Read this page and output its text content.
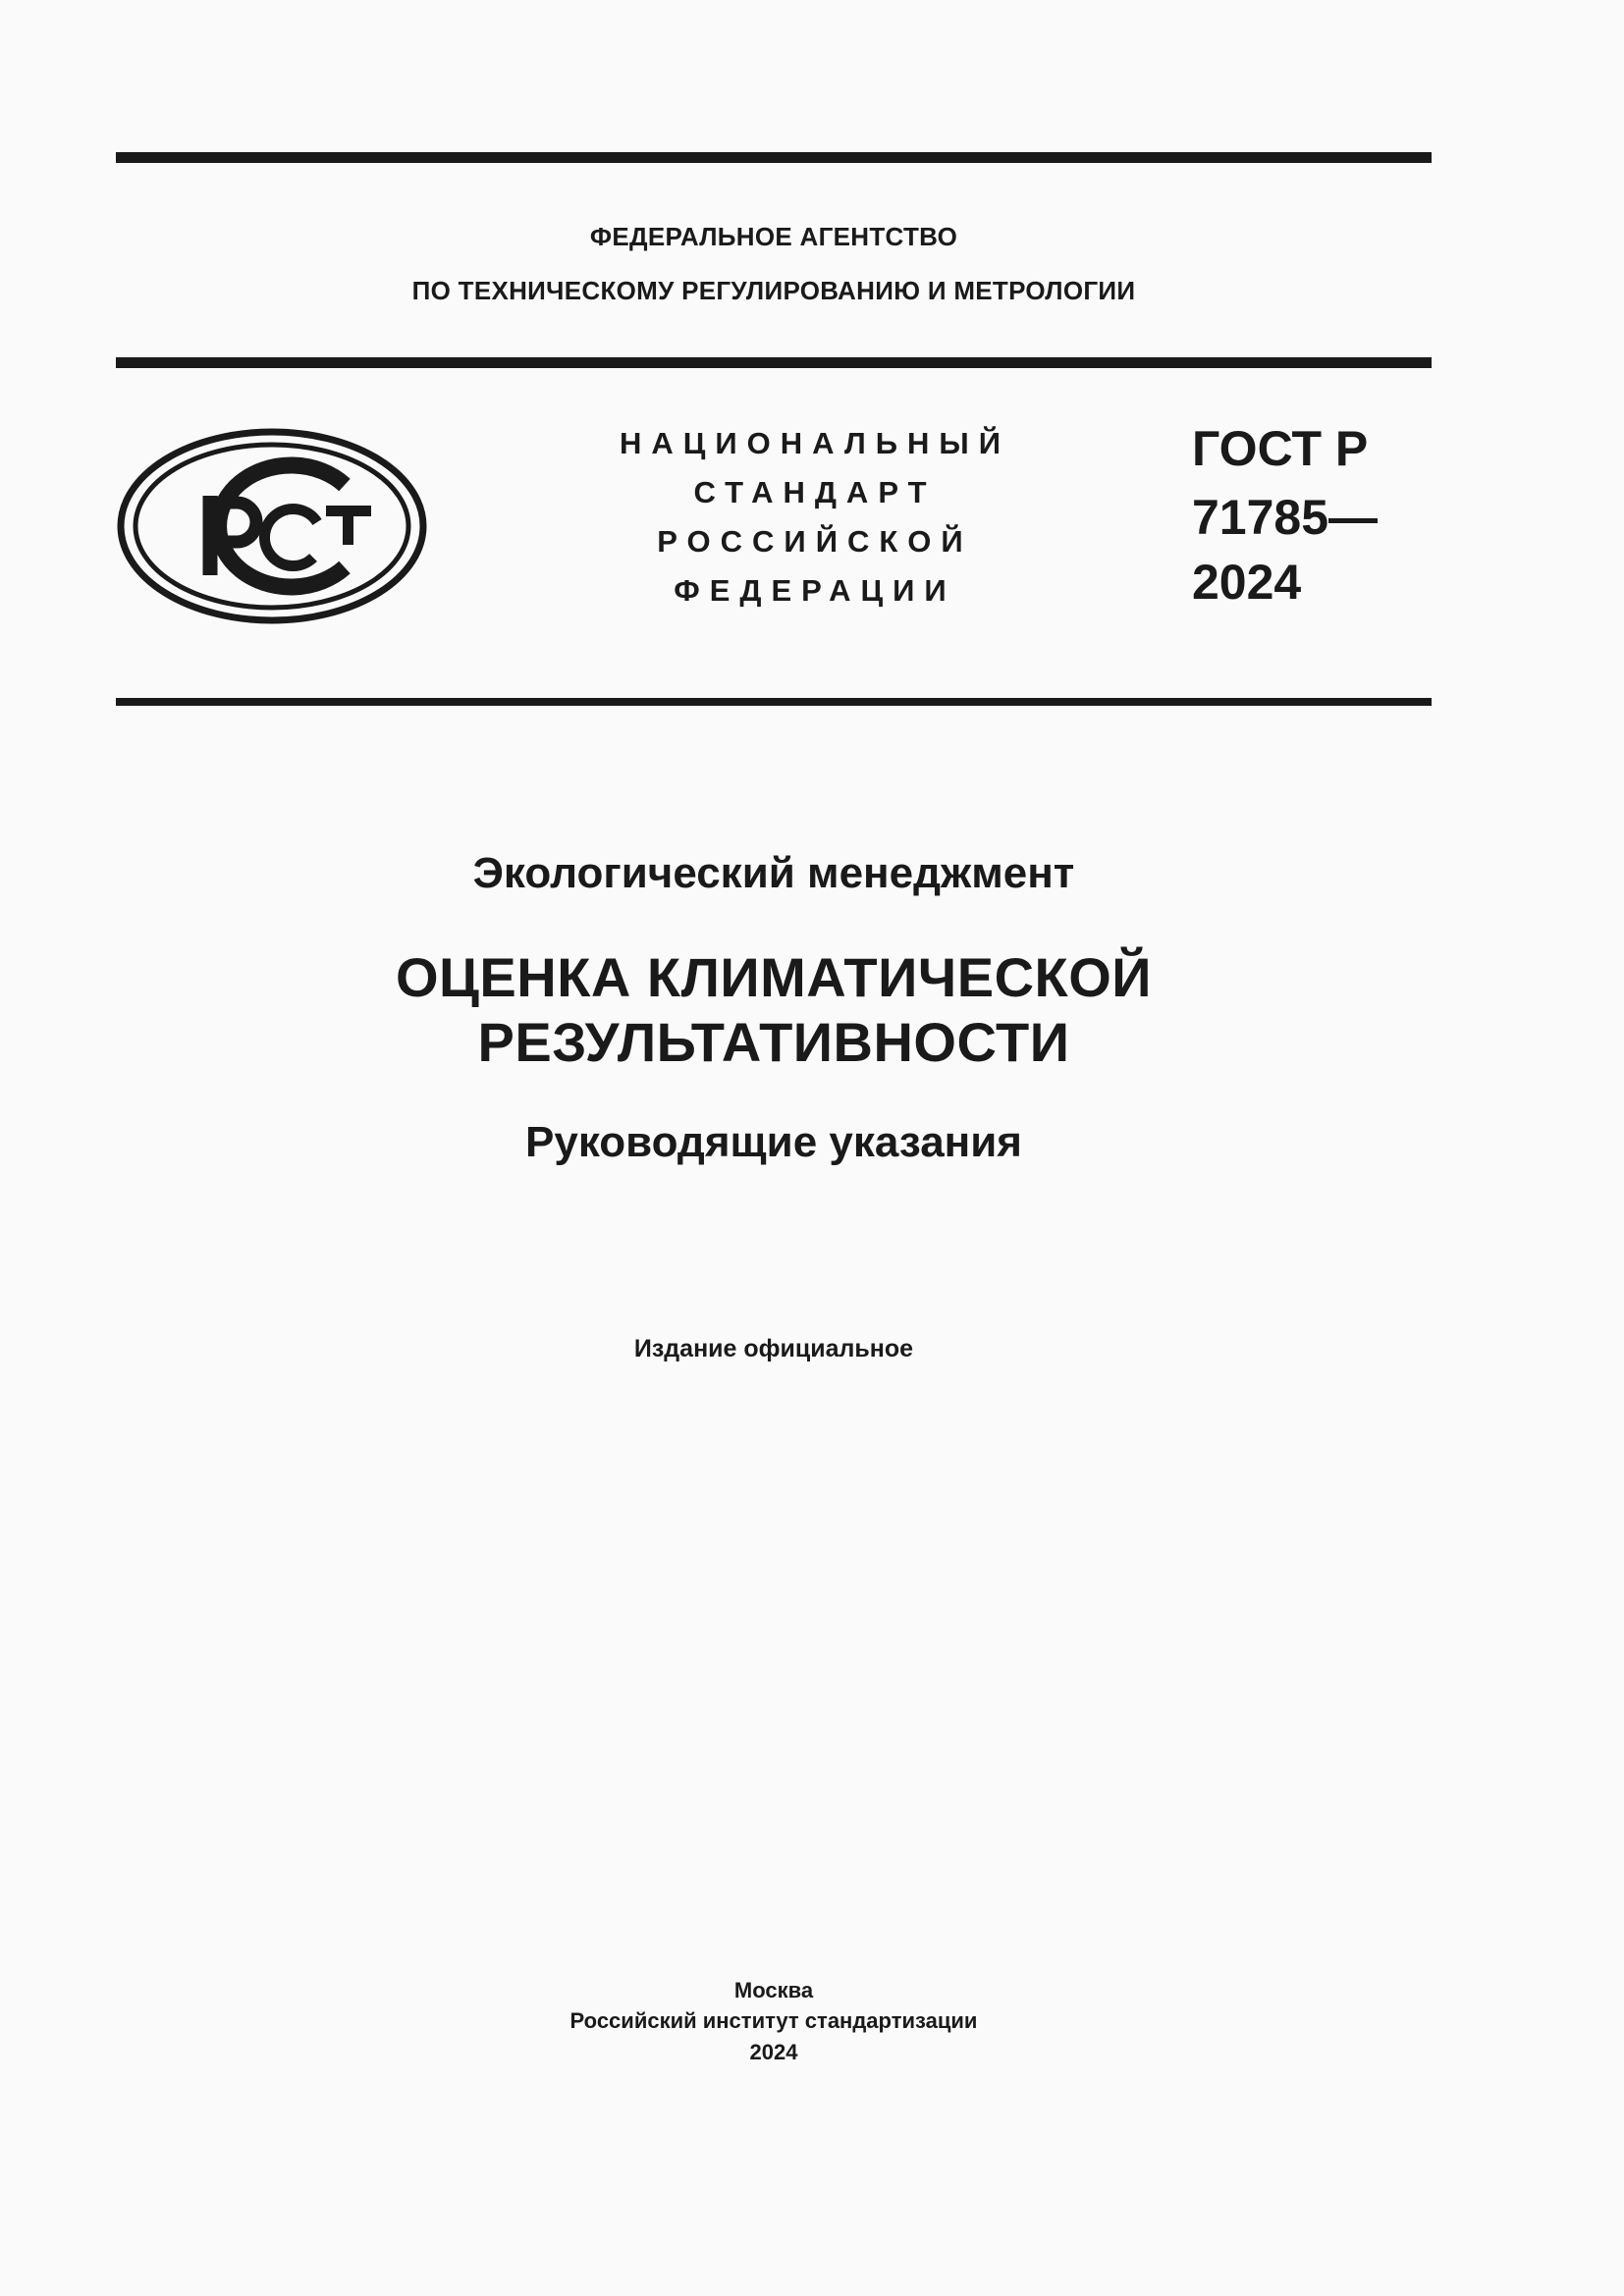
ФЕДЕРАЛЬНОЕ АГЕНТСТВО
ПО ТЕХНИЧЕСКОМУ РЕГУЛИРОВАНИЮ И МЕТРОЛОГИИ
НАЦИОНАЛЬНЫЙ
СТАНДАРТ
РОССИЙСКОЙ
ФЕДЕРАЦИИ
ГОСТ Р
71785—
2024
Экологический менеджмент
ОЦЕНКА КЛИМАТИЧЕСКОЙ
РЕЗУЛЬТАТИВНОСТИ
Руководящие указания
Издание официальное
Москва
Российский институт стандартизации
2024
